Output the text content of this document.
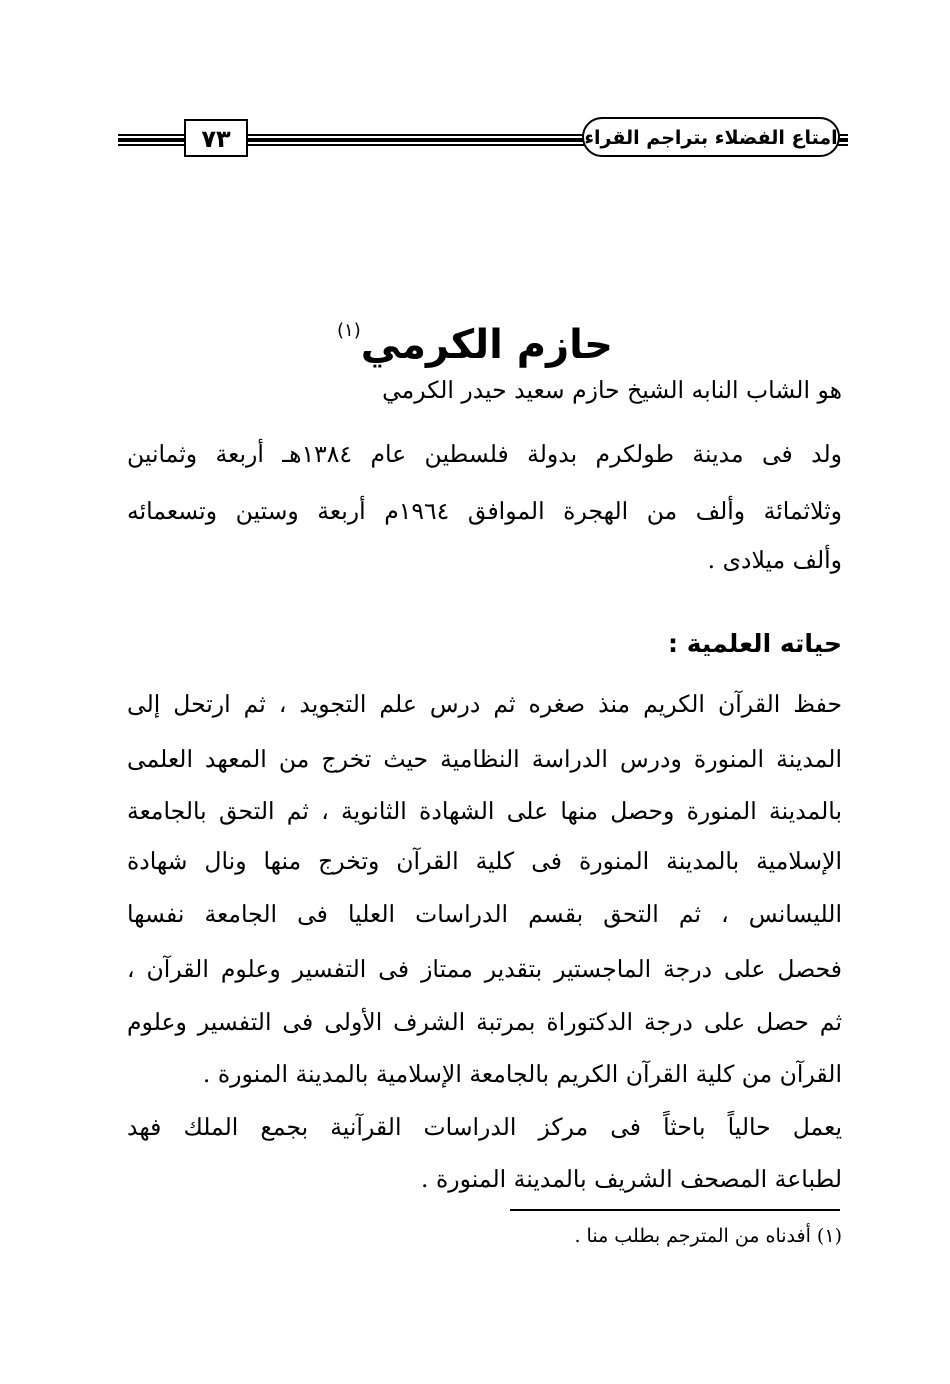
٧٣	امتاع الفضلاء بتراجم القراء
حازم الكرمي$^{(١)}$
هو الشاب النابه الشيخ حازم سعيد حيدر الكرمي
ولد فى مدينة طولكرم بدولة فلسطين عام ١٣٨٤هـ أربعة وثمانين
وثلاثمائة وألف من الهجرة الموافق ١٩٦٤م أربعة وستين وتسعمائه
وألف ميلادى .
حياته العلمية :
حفظ القرآن الكريم منذ صغره ثم درس علم التجويد ، ثم ارتحل إلى
المدينة المنورة ودرس الدراسة النظامية حيث تخرج من المعهد العلمى
بالمدينة المنورة وحصل منها على الشهادة الثانوية ، ثم التحق بالجامعة
الإسلامية بالمدينة المنورة فى كلية القرآن وتخرج منها ونال شهادة
الليسانس ، ثم التحق بقسم الدراسات العليا فى الجامعة نفسها
فحصل على درجة الماجستير بتقدير ممتاز فى التفسير وعلوم القرآن ،
ثم حصل على درجة الدكتوراة بمرتبة الشرف الأولى فى التفسير وعلوم
القرآن من كلية القرآن الكريم بالجامعة الإسلامية بالمدينة المنورة .
يعمل حالياً باحثاً فى مركز الدراسات القرآنية بجمع الملك فهد
لطباعة المصحف الشريف بالمدينة المنورة .
(١) أفدناه من المترجم بطلب منا .
